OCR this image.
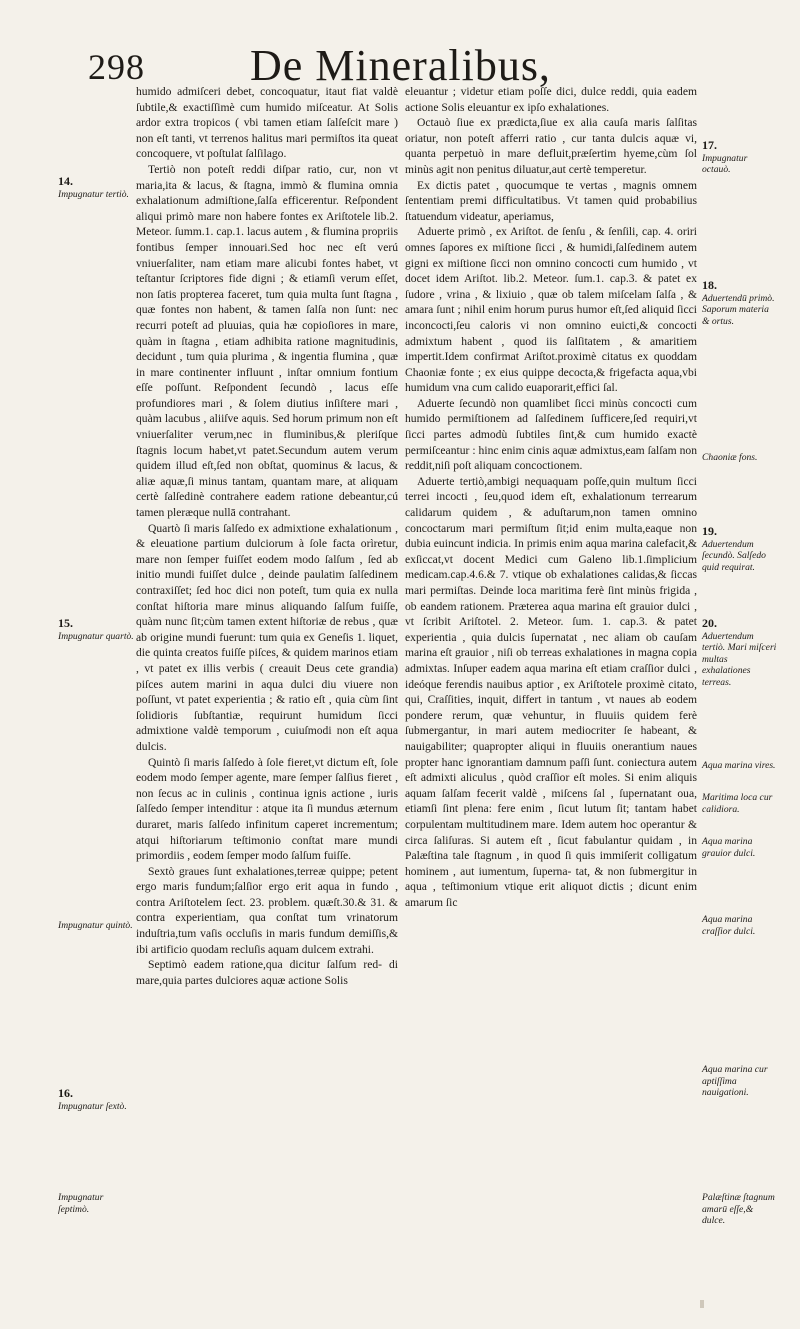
298 De Mineralibus,
14.
Impugnatur tertiò.
15.
Impugnatur quartò.
Impugnatur quintò.
16.
Impugnatur ſextò.
Impugnatur ſeptimò.

humido admiſceri debet, concoquatur, itaut fiat valdè ſubtile,& exactiſſimè cum humido miſceatur. At Solis ardor extra tropicos ( vbi tamen etiam ſalſeſcit mare ) non eſt tanti, vt terrenos halitus mari permiſtos ita queat concoquere, vt poſtulat ſalſilago.

Tertiò non poteſt reddi diſpar ratio, cur, non vt maria,ita & lacus, & ſtagna, immò & flumina omnia exhalationum admiſtione,ſalſa efficerentur. Reſpondent aliqui primò mare non habere fontes ex Ariſtotele lib.2. Meteor. ſumm.1. cap.1. lacus autem , & flumina propriis fontibus ſemper innouari.Sed hoc nec eſt verú vniuerſaliter, nam etiam mare alicubi fontes habet, vt teſtantur ſcriptores fide digni ; & etiamſi verum eſſet, non ſatis propterea faceret, tum quia multa ſunt ſtagna , quæ fontes non habent, & tamen ſalſa non ſunt: nec recurri poteſt ad pluuias, quia hæ copioſiores in mare, quàm in ſtagna , etiam adhibita ratione magnitudinis, decidunt , tum quia plurima , & ingentia flumina , quæ in mare continenter influunt , inſtar omnium fontium eſſe poſſunt. Reſpondent ſecundò , lacus eſſe profundiores mari , & ſolem diutius inſiſtere mari , quàm lacubus , aliiſve aquis. Sed horum primum non eſt vniuerſaliter verum,nec in fluminibus,& pleriſque ſtagnis locum habet,vt patet.Secundum autem verum quidem illud eſt,ſed non obſtat, quominus & lacus, & aliæ aquæ,ſi minus tantam, quantam mare, at aliquam certè ſalſedinè contrahere eadem ratione debeantur,cú tamen pleræque nullā contrahant.

Quartò ſi maris ſalſedo ex admixtione exhalationum , & eleuatione partium dulciorum à ſole facta orìretur, mare non ſemper fuiſſet eodem modo ſalſum , ſed ab initio mundi fuiſſet dulce , deinde paulatim ſalſedinem contraxiſſet; ſed hoc dici non poteſt, tum quia ex nulla conſtat hiſtoria mare minus aliquando ſalſum fuiſſe, quàm nunc ſit;cùm tamen extent hiſtoriæ de rebus , quæ ab origine mundi fuerunt: tum quia ex Geneſis 1. liquet, die quinta creatos fuiſſe piſces, & quidem marinos etiam , vt patet ex illis verbis ( creauit Deus cete grandia) piſces autem marini in aqua dulci diu viuere non poſſunt, vt patet experientia ; & ratio eſt , quia cùm ſint ſolidioris ſubſtantiæ, requirunt humidum ſicci admixtione valdè temporum , cuiuſmodi non eſt aqua dulcis.

Quintò ſi maris ſalſedo à ſole fieret,vt dictum eſt, ſole eodem modo ſemper agente, mare ſemper ſalſius fieret , non ſecus ac in culinis , continua ignis actione , iuris ſalſedo ſemper intenditur : atque ita ſi mundus æternum duraret, maris ſalſedo infinitum caperet incrementum; atqui hiſtoriarum teſtimonio conſtat mare mundi primordiis , eodem ſemper modo ſalſum fuiſſe.

Sextò graues ſunt exhalationes,terreæ quippe; petent ergo maris fundum;ſalſior ergo erit aqua in fundo , contra Ariſtotelem ſect. 23. problem. quæſt.30.& 31. & contra experientiam, qua conſtat tum vrinatorum induſtria,tum vaſis occluſis in maris fundum demiſſis,& ibi artificio quodam recluſis aquam dulcem extrahi.

Septimò eadem ratione,qua dicitur ſalſum red- di mare,quia partes dulciores aquæ actione Solis

eleuantur ; videtur etiam poſſe dici, dulce reddi, quia eadem actione Solis eleuantur ex ipſo exhalationes.

Octauò ſiue ex prædicta,ſiue ex alia cauſa maris ſalſitas oriatur, non poteſt afferri ratio , cur tanta dulcis aquæ vi, quanta perpetuò in mare defluit,præſertim hyeme,cùm ſol minùs agit non penitus diluatur,aut certè temperetur.

Ex dictis patet , quocumque te vertas , magnis omnem ſententiam premi difficultatibus. Vt tamen quid probabilius ſtatuendum videatur, aperiamus,

Aduerte primò , ex Ariſtot. de ſenſu , & ſenſili, cap. 4. oriri omnes ſapores ex miſtione ſicci , & humidi,ſalſedinem autem gigni ex miſtione ſicci non omnino concocti cum humido , vt docet idem Ariſtot. lib.2. Meteor. ſum.1. cap.3. & patet ex ſudore , vrina , & lixiuio , quæ ob talem miſcelam ſalſa , & amara ſunt ; nihil enim horum purus humor eſt,ſed aliquid ſicci inconcocti,ſeu caloris vi non omnino euicti,& concocti admixtum habent , quod iis ſalſitatem , & amaritiem impertit.Idem confirmat Ariſtot.proximè citatus ex quoddam Chaoniæ fonte ; ex eius quippe decocta,& frigefacta aqua,vbi humidum vna cum calido euaporarit,effici ſal.

Aduerte ſecundò non quamlibet ſicci minùs concocti cum humido permiſtionem ad ſalſedinem ſufficere,ſed requiri,vt ſicci partes admodù ſubtiles ſint,& cum humido exactè permiſceantur : hinc enim cinis aquæ admixtus,eam ſalſam non reddit,niſi poſt aliquam concoctionem.

Aduerte tertiò,ambigi nequaquam poſſe,quin multum ſicci terrei incocti , ſeu,quod idem eſt, exhalationum terrearum calidarum quidem , & aduſtarum,non tamen omnino concoctarum mari permiſtum ſit;id enim multa,eaque non dubia euincunt indicia. In primis enim aqua marina calefacit,& exſiccat,vt docent Medici cum Galeno lib.1.ſimplicium medicam.cap.4.6.& 7. vtique ob exhalationes calidas,& ſiccas mari permiſtas. Deinde loca maritima ferè ſint minùs frigida , ob eandem rationem. Præterea aqua marina eſt grauior dulci , vt ſcribit Ariſtotel. 2. Meteor. ſum. 1. cap.3. & patet experientia , quia dulcis ſupernatat , nec aliam ob cauſam marina eſt grauior , niſi ob terreas exhalationes in magna copia admixtas. Inſuper eadem aqua marina eſt etiam craſſior dulci , ideóque ferendis nauibus aptior , ex Ariſtotele proximè citato, qui, Craſſities, inquit, differt in tantum , vt naues ab eodem pondere rerum, quæ vehuntur, in fluuiis quidem ferè ſubmergantur, in mari autem mediocriter ſe habeant, & nauigabiliter; quapropter aliqui in fluuiis onerantium naues propter hanc ignorantiam damnum paſſi ſunt. coniectura autem eſt admixti aliculus , quòd craſſior eſt moles. Si enim aliquis aquam ſalſam fecerit valdè , miſcens ſal , ſupernatant oua, etiamſi ſint plena: fere enim , ſicut lutum ſit; tantam habet corpulentam multitudinem mare. Idem autem hoc operantur & circa ſaliſuras. Si autem eſt , ſicut fabulantur quidam , in Palæſtina tale ſtagnum , in quod ſi quis immiſerit colligatum hominem , aut iumentum, ſuperna- tat, & non ſubmergitur in aqua , teſtimonium vtique erit aliquot dictis ; dicunt enim amarum ſic

17.
Impugnatur octauò.
18.
Aduertendū primò. Saporum materia & ortus.
Chaoniæ fons.
19.
Aduertendum ſecundò. Salſedo quid requirat.
20.
Aduertendum tertiò. Mari miſceri multas exhalationes terreas.
Aqua marina vires.
Maritima loca cur calidiora.
Aqua marina grauior dulci.
Aqua marina craſſior dulci.
Aqua marina cur aptiſſima nauigationi.
Palæſtinæ ſtagnum amarū eſſe,& dulce.
